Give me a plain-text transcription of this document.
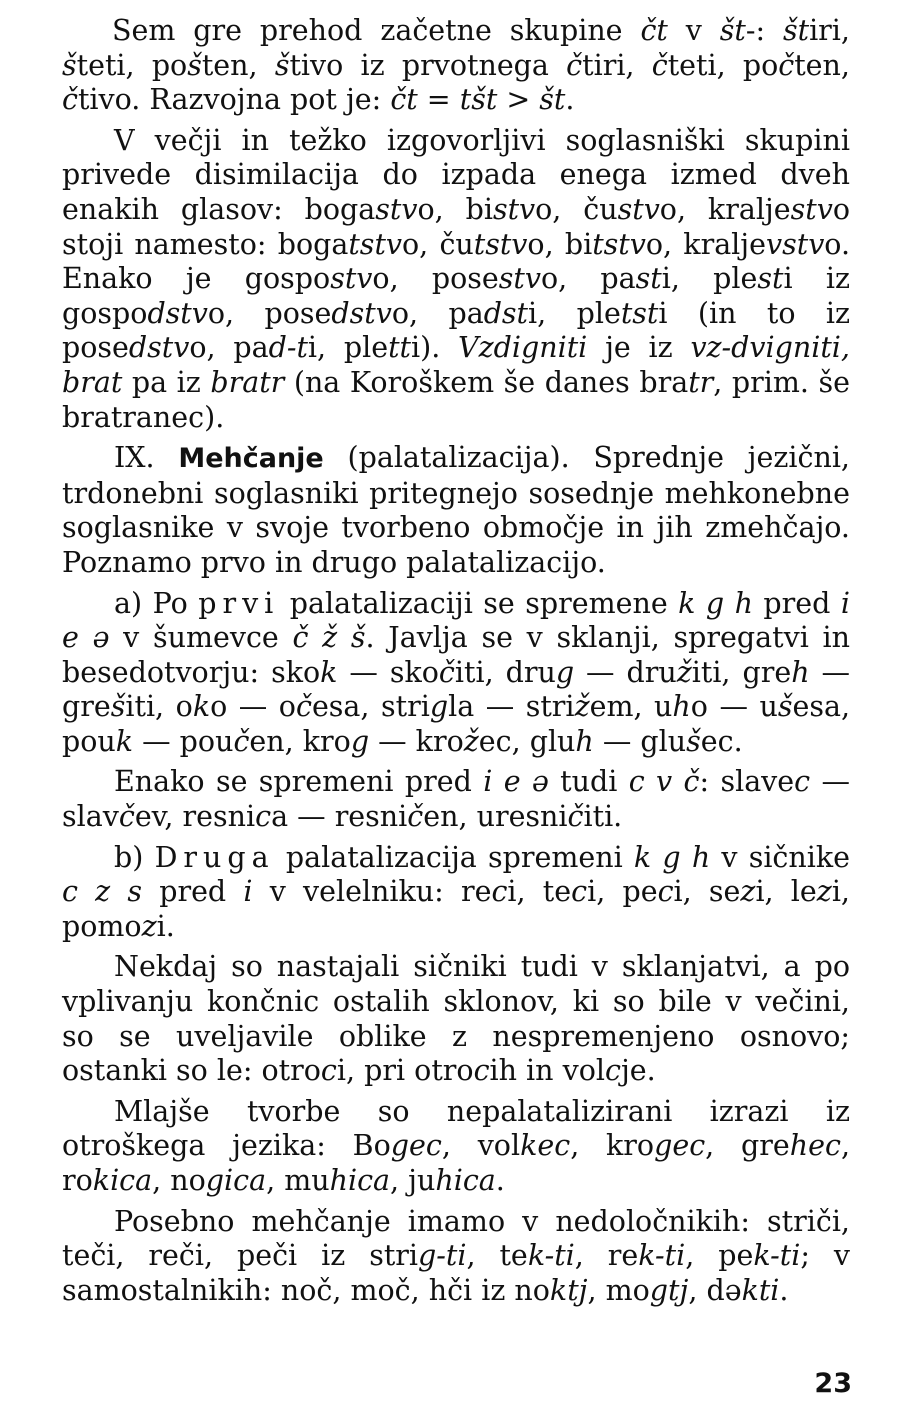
Sem gre prehod začetne skupine čt v št-: štiri, šteti, pošten, štivo iz prvotnega čtiri, čteti, počten, čtivo. Razvojna pot je: čt = tšt > št.

V večji in težko izgovorljivi soglasniški skupini privede disimilacija do izpada enega izmed dveh enakih glasov: bogastvo, bistvo, čustvo, kraljestvo stoji namesto: bogatstvo, čutstvo, bitstvo, kraljevstvo. Enako je gospostvo, posestvo, pasti, plesti iz gospodstvo, posedstvo, padsti, pletsti (in to iz posedstvo, pad-ti, pletti). Vzdigniti je iz vz-dvigniti, brat pa iz bratr (na Koroškem še danes bratr, prim. še bratranec).

IX. Mehčanje (palatalizacija). Sprednje jezični, trdonebni soglasniki pritegnejo sosednje mehkonebne soglasnike v svoje tvorbeno območje in jih zmehčajo. Poznamo prvo in drugo palatalizacijo.

a) Po prvi palatalizaciji se spremene k g h pred i e ə v šumevce č ž š. Javlja se v sklanji, spregatvi in besedotvorju: skok — skočiti, drug — družiti, greh — grešiti, oko — očesa, strigla — strižem, uho — ušesa, pouk — poučen, krog — krožec, gluh — glušec.

Enako se spremeni pred i e ə tudi c v č: slavec — slavčev, resnica — resničen, uresničiti.

b) Druga palatalizacija spremeni k g h v sičnike c z s pred i v velelniku: reci, teci, peci, sezi, lezi, pomozi.

Nekdaj so nastajali sičniki tudi v sklanjatvi, a po vplivanju končnic ostalih sklonov, ki so bile v večini, so se uveljavile oblike z nespremenjeno osnovo; ostanki so le: otroci, pri otrocih in volcje.

Mlajše tvorbe so nepalatalizirani izrazi iz otroškega jezika: Bogec, volkec, krogec, grehec, rokica, nogica, muhica, juhica.

Posebno mehčanje imamo v nedoločnikih: striči, teči, reči, peči iz strig-ti, tek-ti, rek-ti, pek-ti; v samostalnikih: noč, moč, hči iz noktj, mogtj, dəkti.

23
